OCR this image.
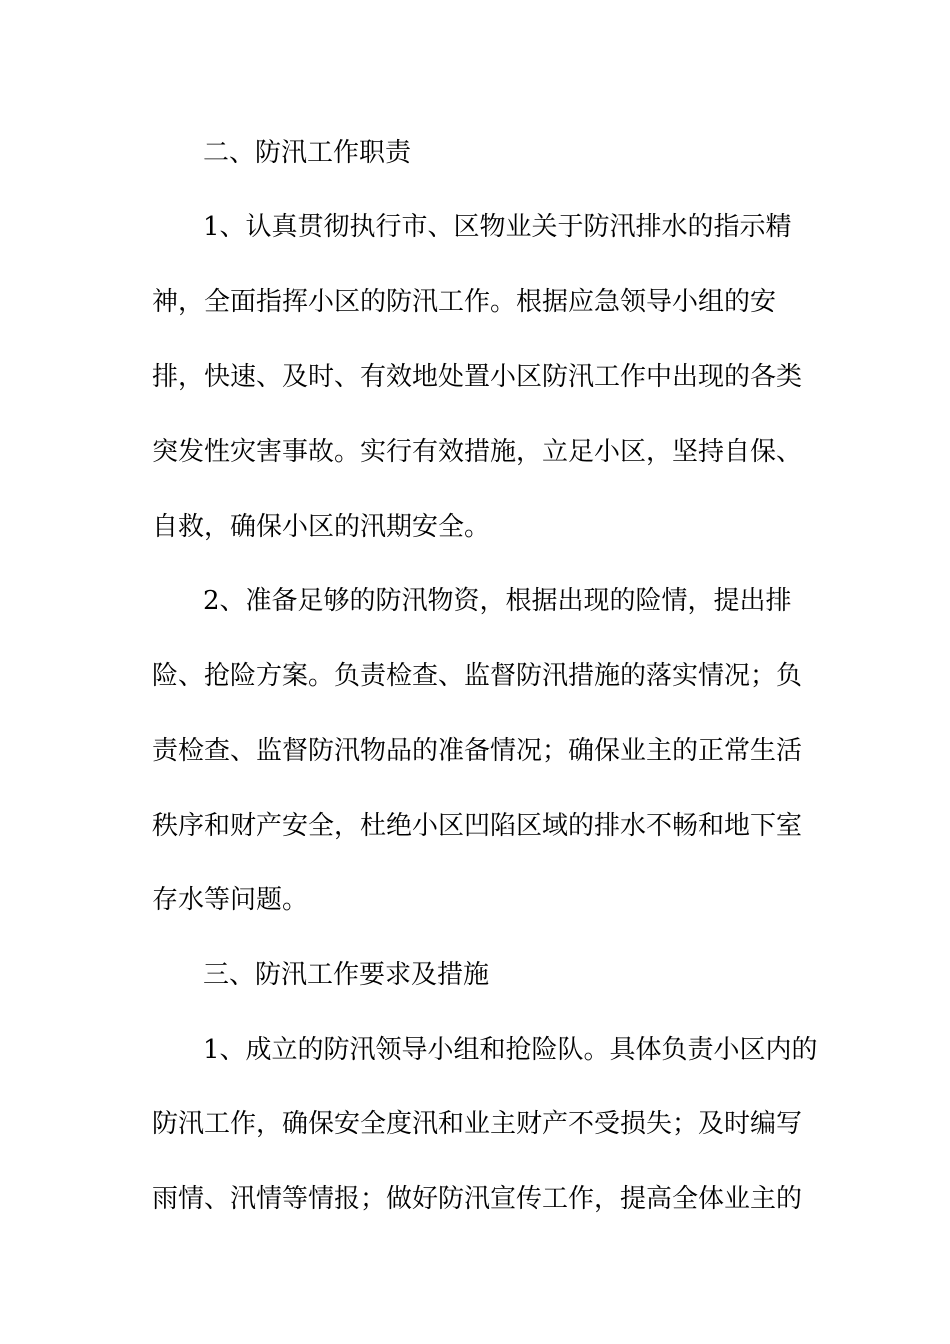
二、防汛工作职责

1、认真贯彻执行市、区物业关于防汛排水的指示精

神，全面指挥小区的防汛工作。根据应急领导小组的安

排，快速、及时、有效地处置小区防汛工作中出现的各类

突发性灾害事故。实行有效措施，立足小区，坚持自保、

自救，确保小区的汛期安全。

2、准备足够的防汛物资，根据出现的险情，提出排

险、抢险方案。负责检查、监督防汛措施的落实情况；负

责检查、监督防汛物品的准备情况；确保业主的正常生活

秩序和财产安全，杜绝小区凹陷区域的排水不畅和地下室

存水等问题。

三、防汛工作要求及措施

1、成立的防汛领导小组和抢险队。具体负责小区内的

防汛工作，确保安全度汛和业主财产不受损失；及时编写

雨情、汛情等情报；做好防汛宣传工作，提高全体业主的
